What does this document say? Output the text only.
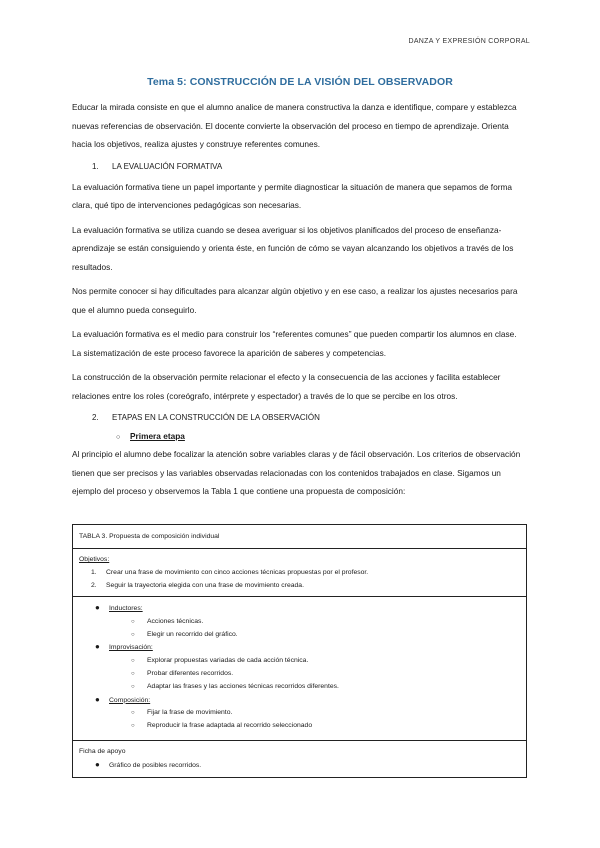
DANZA Y EXPRESIÓN CORPORAL
Tema 5: CONSTRUCCIÓN DE LA VISIÓN DEL OBSERVADOR

Educar la mirada consiste en que el alumno analice de manera constructiva la danza e identifique, compare y establezca nuevas referencias de observación. El docente convierte la observación del proceso en tiempo de aprendizaje. Orienta hacia los objetivos, realiza ajustes y construye referentes comunes.

1. LA EVALUACIÓN FORMATIVA

La evaluación formativa tiene un papel importante y permite diagnosticar la situación de manera que sepamos de forma clara, qué tipo de intervenciones pedagógicas son necesarias.

La evaluación formativa se utiliza cuando se desea averiguar si los objetivos planificados del proceso de enseñanza-aprendizaje se están consiguiendo y orienta éste, en función de cómo se vayan alcanzando los objetivos a través de los resultados.

Nos permite conocer si hay dificultades para alcanzar algún objetivo y en ese caso, a realizar los ajustes necesarios para que el alumno pueda conseguirlo.

La evaluación formativa es el medio para construir los “referentes comunes” que pueden compartir los alumnos en clase. La sistematización de este proceso favorece la aparición de saberes y competencias.

La construcción de la observación permite relacionar el efecto y la consecuencia de las acciones y facilita establecer relaciones entre los roles (coreógrafo, intérprete y espectador) a través de lo que se percibe en los otros.

2. ETAPAS EN LA CONSTRUCCIÓN DE LA OBSERVACIÓN
○ Primera etapa

Al principio el alumno debe focalizar la atención sobre variables claras y de fácil observación. Los criterios de observación tienen que ser precisos y las variables observadas relacionadas con los contenidos trabajados en clase. Sigamos un ejemplo del proceso y observemos la Tabla 1 que contiene una propuesta de composición:

TABLA 3. Propuesta de composición individual
Objetivos:
1. Crear una frase de movimiento con cinco acciones técnicas propuestas por el profesor.
2. Seguir la trayectoria elegida con una frase de movimiento creada.
● Inductores:
○ Acciones técnicas.
○ Elegir un recorrido del gráfico.
● Improvisación:
○ Explorar propuestas variadas de cada acción técnica.
○ Probar diferentes recorridos.
○ Adaptar las frases y las acciones técnicas recorridos diferentes.
● Composición:
○ Fijar la frase de movimiento.
○ Reproducir la frase adaptada al recorrido seleccionado
Ficha de apoyo
● Gráfico de posibles recorridos.
